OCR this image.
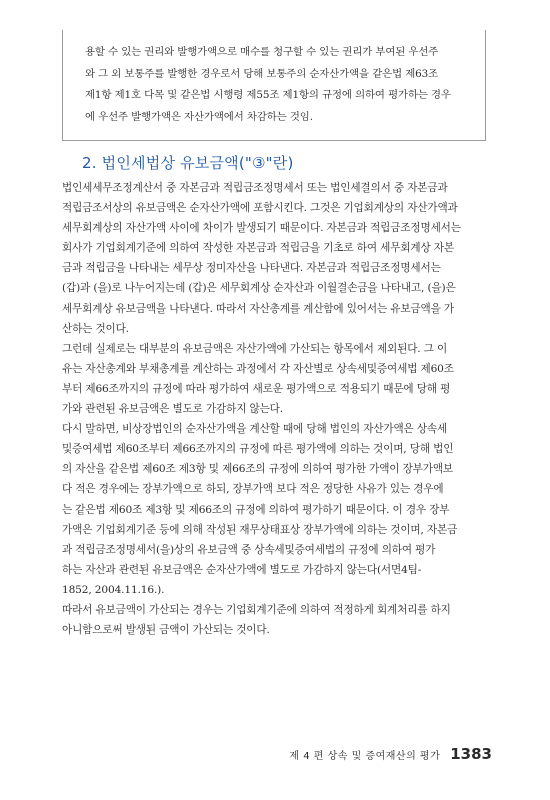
용할 수 있는 권리와 발행가액으로 매수를 청구할 수 있는 권리가 부여된 우선주
와 그 외 보통주를 발행한 경우로서 당해 보통주의 순자산가액을 같은법 제63조
제1항 제1호 다목 및 같은법 시행령 제55조 제1항의 규정에 의하여 평가하는 경우
에 우선주 발행가액은 자산가액에서 차감하는 것임.
2. 법인세법상 유보금액("③"란)
법인세세무조정계산서 중 자본금과 적립금조정명세서 또는 법인세결의서 중 자본금과
적립금조서상의 유보금액은 순자산가액에 포함시킨다. 그것은 기업회계상의 자산가액과
세무회계상의 자산가액 사이에 차이가 발생되기 때문이다. 자본금과 적립금조정명세서는
회사가 기업회계기준에 의하여 작성한 자본금과 적립금을 기초로 하여 세무회계상 자본
금과 적립금을 나타내는 세무상 정미자산을 나타낸다. 자본금과 적립금조정명세서는
(갑)과 (을)로 나누어지는데 (갑)은 세무회계상 순자산과 이월결손금을 나타내고, (을)은
세무회계상 유보금액을 나타낸다. 따라서 자산총계를 계산함에 있어서는 유보금액을 가
산하는 것이다.
그런데 실제로는 대부분의 유보금액은 자산가액에 가산되는 항목에서 제외된다. 그 이
유는 자산총계와 부채총계를 계산하는 과정에서 각 자산별로 상속세및증여세법 제60조
부터 제66조까지의 규정에 따라 평가하여 새로운 평가액으로 적용되기 때문에 당해 평
가와 관련된 유보금액은 별도로 가감하지 않는다.
다시 말하면, 비상장법인의 순자산가액을 계산할 때에 당해 법인의 자산가액은 상속세
및증여세법 제60조부터 제66조까지의 규정에 따른 평가액에 의하는 것이며, 당해 법인
의 자산을 같은법 제60조 제3항 및 제66조의 규정에 의하여 평가한 가액이 장부가액보
다 적은 경우에는 장부가액으로 하되, 장부가액 보다 적은 정당한 사유가 있는 경우에
는 같은법 제60조 제3항 및 제66조의 규정에 의하여 평가하기 때문이다. 이 경우 장부
가액은 기업회계기준 등에 의해 작성된 재무상태표상 장부가액에 의하는 것이며, 자본금
과 적립금조정명세서(을)상의 유보금액 중 상속세및증여세법의 규정에 의하여 평가
하는 자산과 관련된 유보금액은 순자산가액에 별도로 가감하지 않는다(서면4팀-
1852, 2004.11.16.).
따라서 유보금액이 가산되는 경우는 기업회계기준에 의하여 적정하게 회계처리를 하지
아니함으로써 발생된 금액이 가산되는 것이다.
제 4 편 상속 및 증여재산의 평가 1383
